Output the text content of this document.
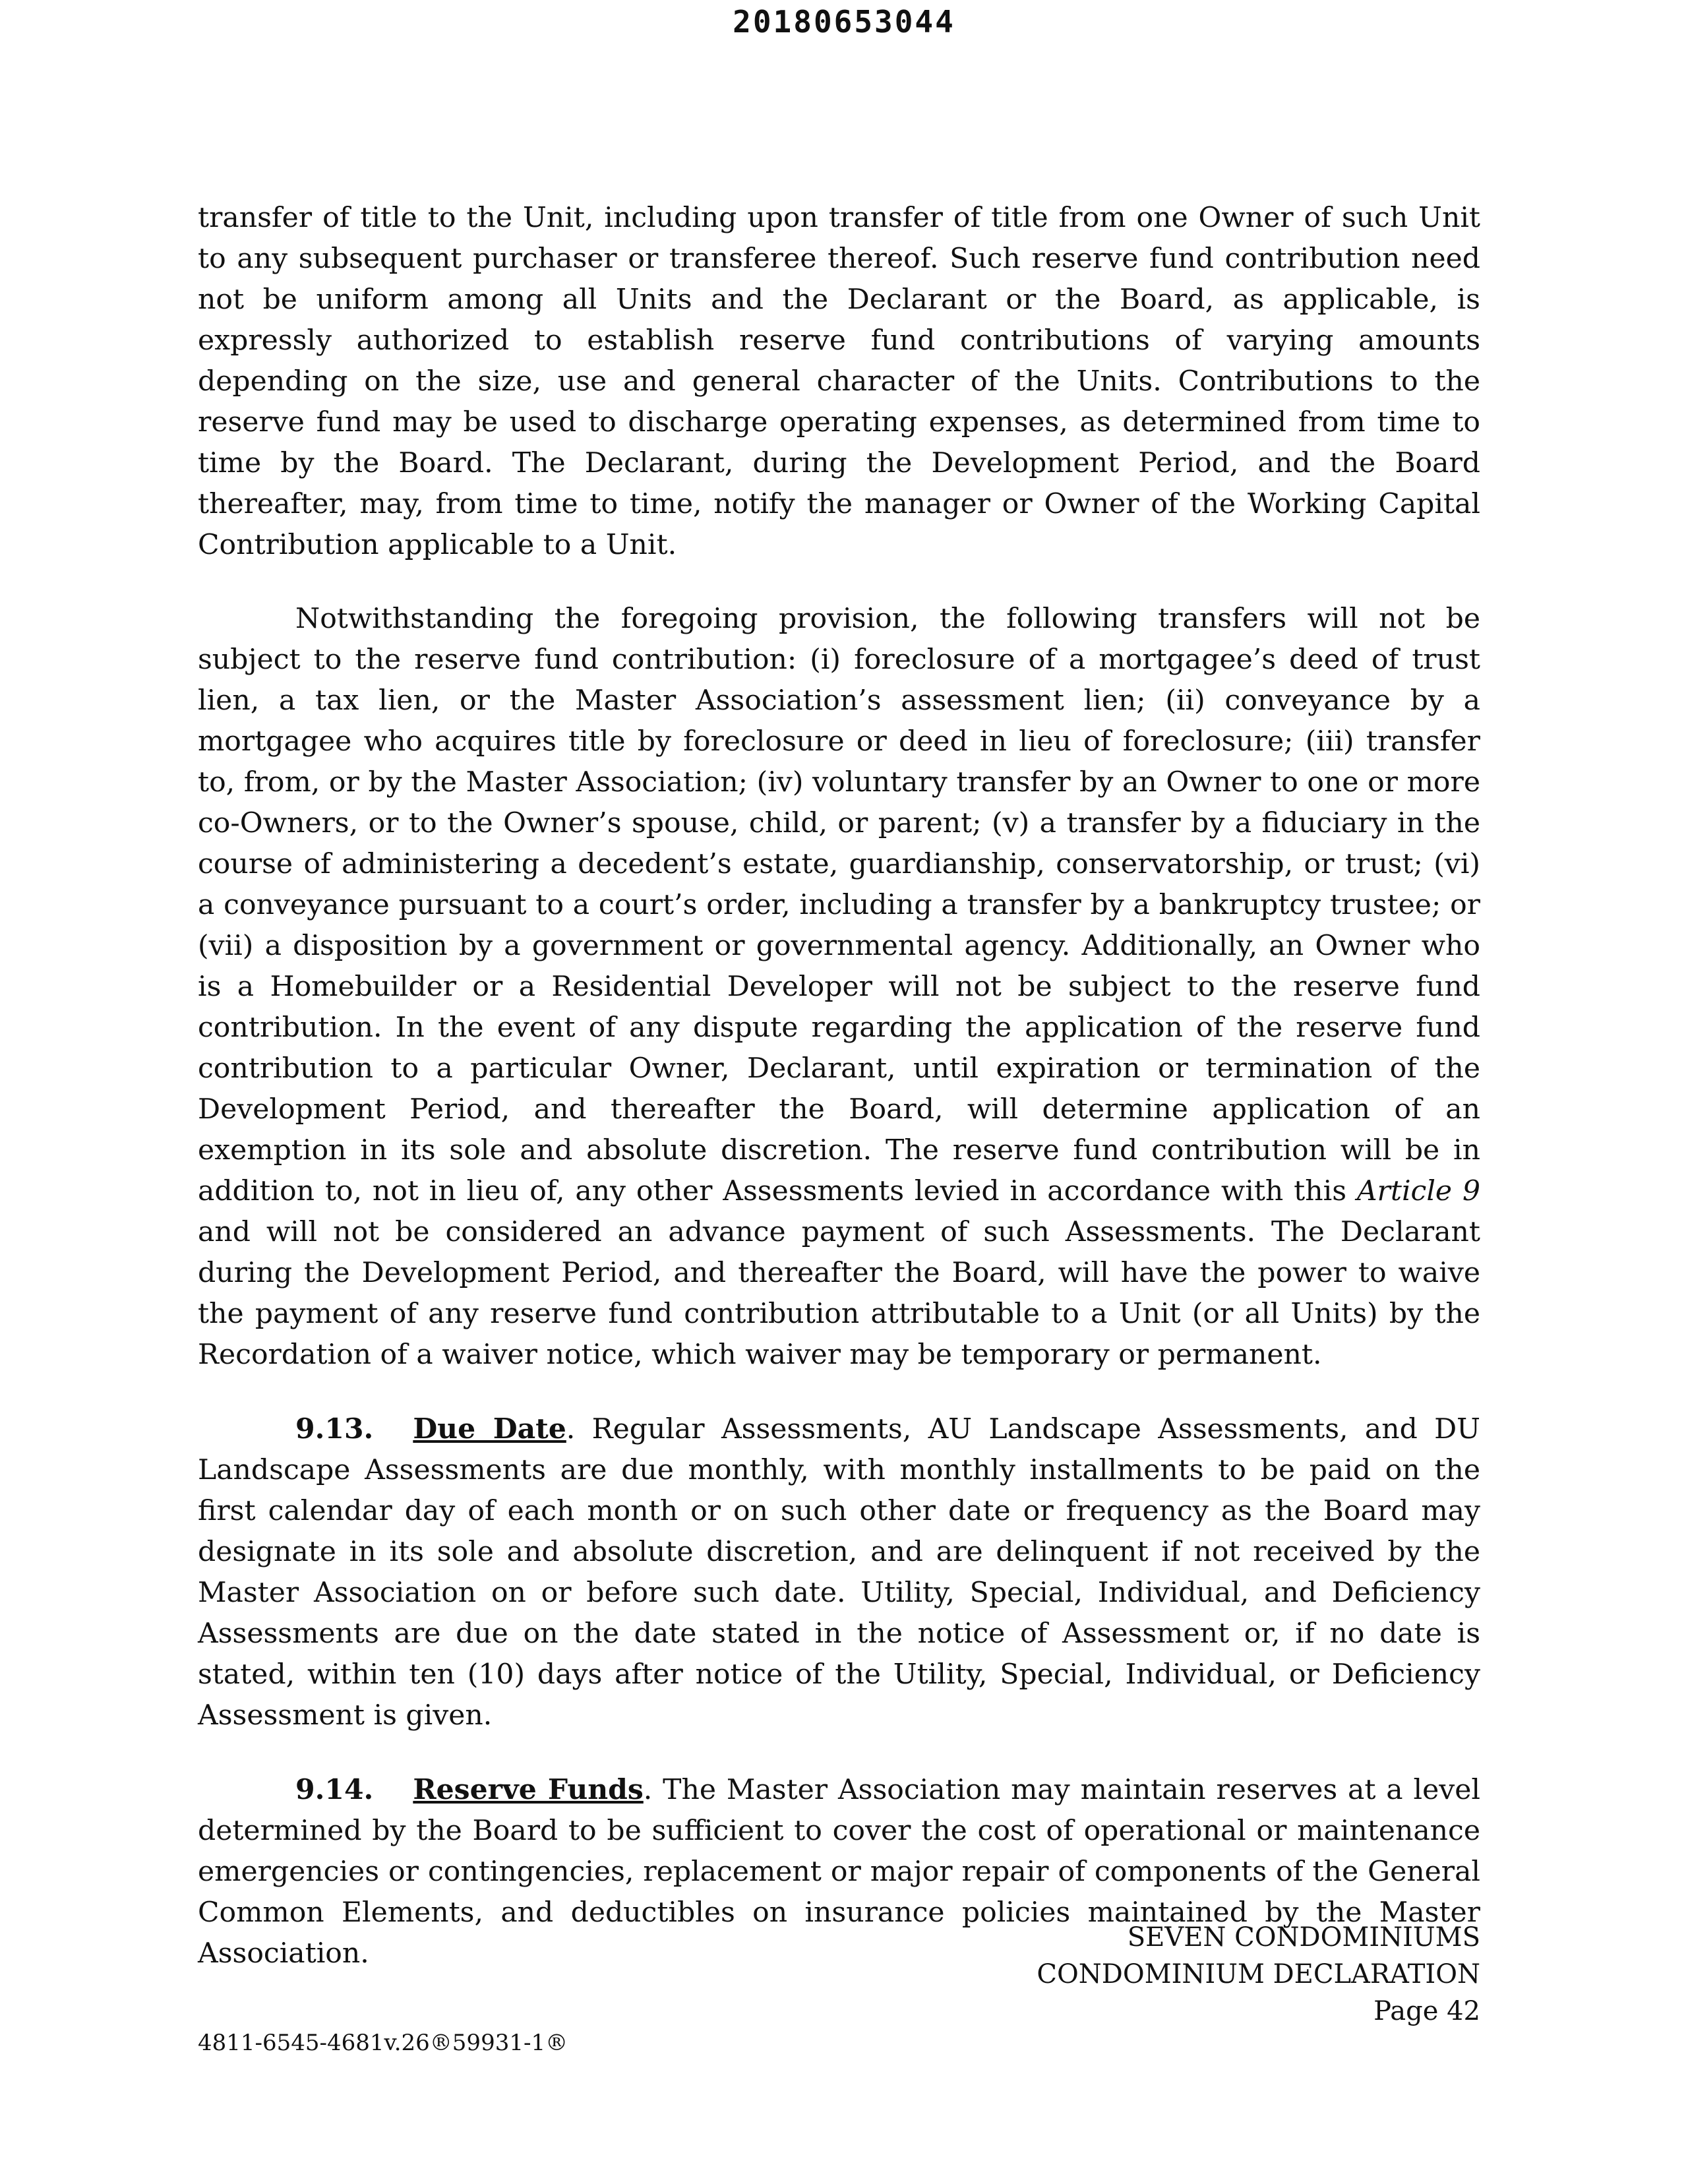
20180653044

transfer of title to the Unit, including upon transfer of title from one Owner of such Unit to any subsequent purchaser or transferee thereof. Such reserve fund contribution need not be uniform among all Units and the Declarant or the Board, as applicable, is expressly authorized to establish reserve fund contributions of varying amounts depending on the size, use and general character of the Units. Contributions to the reserve fund may be used to discharge operating expenses, as determined from time to time by the Board. The Declarant, during the Development Period, and the Board thereafter, may, from time to time, notify the manager or Owner of the Working Capital Contribution applicable to a Unit.

Notwithstanding the foregoing provision, the following transfers will not be subject to the reserve fund contribution: (i) foreclosure of a mortgagee’s deed of trust lien, a tax lien, or the Master Association’s assessment lien; (ii) conveyance by a mortgagee who acquires title by foreclosure or deed in lieu of foreclosure; (iii) transfer to, from, or by the Master Association; (iv) voluntary transfer by an Owner to one or more co-Owners, or to the Owner’s spouse, child, or parent; (v) a transfer by a fiduciary in the course of administering a decedent’s estate, guardianship, conservatorship, or trust; (vi) a conveyance pursuant to a court’s order, including a transfer by a bankruptcy trustee; or (vii) a disposition by a government or governmental agency. Additionally, an Owner who is a Homebuilder or a Residential Developer will not be subject to the reserve fund contribution. In the event of any dispute regarding the application of the reserve fund contribution to a particular Owner, Declarant, until expiration or termination of the Development Period, and thereafter the Board, will determine application of an exemption in its sole and absolute discretion. The reserve fund contribution will be in addition to, not in lieu of, any other Assessments levied in accordance with this Article 9 and will not be considered an advance payment of such Assessments. The Declarant during the Development Period, and thereafter the Board, will have the power to waive the payment of any reserve fund contribution attributable to a Unit (or all Units) by the Recordation of a waiver notice, which waiver may be temporary or permanent.

9.13. Due Date. Regular Assessments, AU Landscape Assessments, and DU Landscape Assessments are due monthly, with monthly installments to be paid on the first calendar day of each month or on such other date or frequency as the Board may designate in its sole and absolute discretion, and are delinquent if not received by the Master Association on or before such date. Utility, Special, Individual, and Deficiency Assessments are due on the date stated in the notice of Assessment or, if no date is stated, within ten (10) days after notice of the Utility, Special, Individual, or Deficiency Assessment is given.

9.14. Reserve Funds. The Master Association may maintain reserves at a level determined by the Board to be sufficient to cover the cost of operational or maintenance emergencies or contingencies, replacement or major repair of components of the General Common Elements, and deductibles on insurance policies maintained by the Master Association.	SEVEN CONDOMINIUMS
CONDOMINIUM DECLARATION
Page 42
4811-6545-4681v.26®59931-1®
